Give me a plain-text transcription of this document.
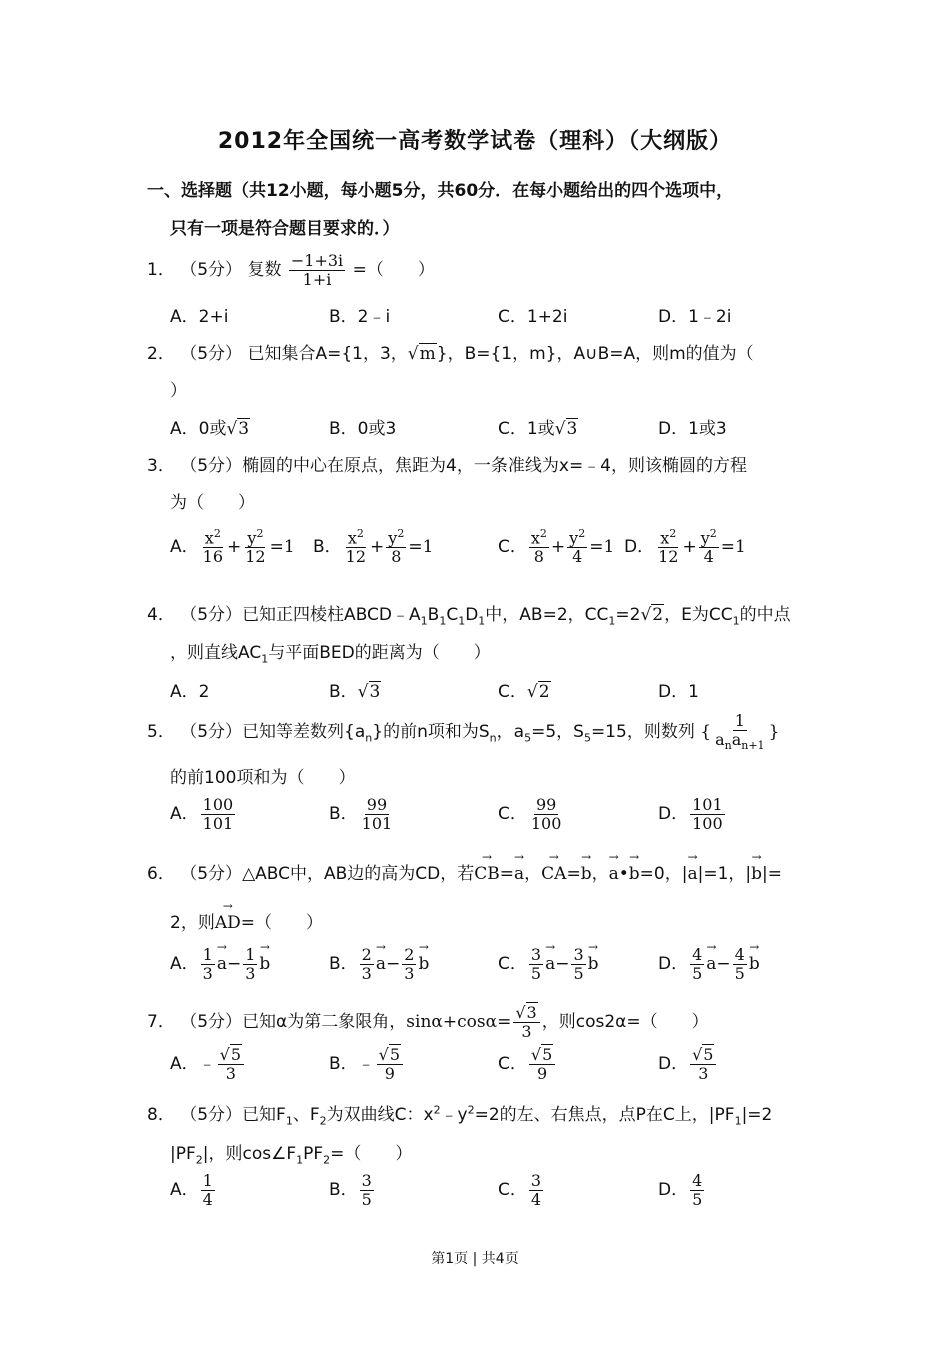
2012年全国统一高考数学试卷（理科）（大纲版）
一、选择题（共12小题，每小题5分，共60分．在每小题给出的四个选项中，
只有一项是符合题目要求的．）
1． （5分） 复数 $\frac{-1+3i}{1+i}$ =（　　）
A．2+i	B．2﹣i	C．1+2i	D．1﹣2i
2． （5分） 已知集合A={1，3，√m}，B={1，m}，A∪B=A，则m的值为（
）
A．0或√3	B．0或3	C．1或√3	D．1或3
3． （5分）椭圆的中心在原点，焦距为4，一条准线为x=﹣4，则该椭圆的方程
为（　　）
A． $\frac{x^2}{16} + \frac{y^2}{12} =1$ B． $\frac{x^2}{12} + \frac{y^2}{8} =1$	C． $\frac{x^2}{8} + \frac{y^2}{4} =1$ D． $\frac{x^2}{12} + \frac{y^2}{4} =1$
4． （5分）已知正四棱柱$ABCD﹣A_1B_1C_1D_1$中，AB=2，$CC_1=2√2$，E为$CC_1$的中点
，则直线$AC_1$与平面BED的距离为（　　）
A．2	B．√3	C．√2	D．1
5． （5分）已知等差数列$\{a_n\}$的前n项和为$S_n$，$a_5=5$，$S_5=15$，则数列 { $\frac{1}{a_na_{n+1}}$ }
的前100项和为（　　）
A． $\frac{100}{101}$	B． $\frac{99}{101}$	C． $\frac{99}{100}$	D． $\frac{101}{100}$
6． （5分）△ABC中，AB边的高为CD，若→ CB=→ a，→ CA=→ b，→ a•→ b=0，|→ a|=1，|→ b|=
2，则→ AD=（　　）
A． $\frac{1}{3}$
→ $a- \frac{1}{3}$
→ b	B． $\frac{2}{3}$
→ $a- \frac{2}{3}$
→ b	C． $\frac{3}{5}$
→ $a- \frac{3}{5}$
→ b	D． $\frac{4}{5}$
→ $a- \frac{4}{5}$
→ b
7． （5分）已知α为第二象限角，$\sin\alpha+\cos\alpha= \frac{√3}{3}$ ，则cos2α=（　　）
A．﹣ $\frac{√5}{3}$	B．﹣ $\frac{√5}{9}$	C． $\frac{√5}{9}$	D． $\frac{√5}{3}$
8． （5分）已知$F_1$、$F_2$为双曲线C：$x^2﹣y^2=2$的左、右焦点，点P在C上，$|PF_1|=2$
$|PF_2|$，则$\cos\angle F_1PF_2=$（　　）
A． $\frac{1}{4}$	B． $\frac{3}{5}$	C． $\frac{3}{4}$	D． $\frac{4}{5}$
第1页 | 共4页
